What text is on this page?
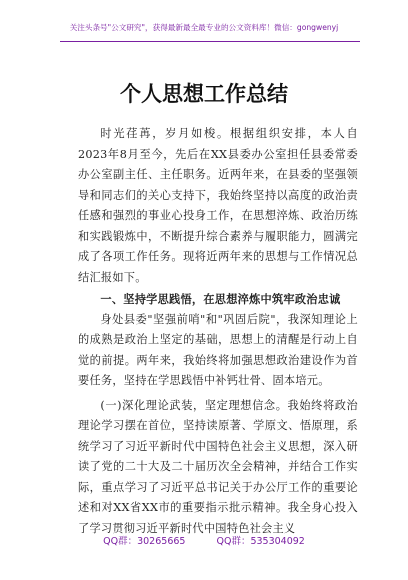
关注头条号"公文研究"，获得最新最全最专业的公文资料库！微信：gongwenyj
个人思想工作总结

时光荏苒，岁月如梭。根据组织安排，本人自2023年8月至今，先后在XX县委办公室担任县委常委办公室副主任、主任职务。近两年来，在县委的坚强领导和同志们的关心支持下，我始终坚持以高度的政治责任感和强烈的事业心投身工作，在思想淬炼、政治历练和实践锻炼中，不断提升综合素养与履职能力，圆满完成了各项工作任务。现将近两年来的思想与工作情况总结汇报如下。

一、坚持学思践悟，在思想淬炼中筑牢政治忠诚

身处县委"坚强前哨"和"巩固后院"，我深知理论上的成熟是政治上坚定的基础，思想上的清醒是行动上自觉的前提。两年来，我始终将加强思想政治建设作为首要任务，坚持在学思践悟中补钙壮骨、固本培元。

(一)深化理论武装，坚定理想信念。我始终将政治理论学习摆在首位，坚持读原著、学原文、悟原理，系统学习了习近平新时代中国特色社会主义思想，深入研读了党的二十大及二十届历次全会精神，并结合工作实际，重点学习了习近平总书记关于办公厅工作的重要论述和对XX省XX市的重要指示批示精神。我全身心投入了学习贯彻习近平新时代中国特色社会主义

QQ群：30265665	QQ群：535304092
